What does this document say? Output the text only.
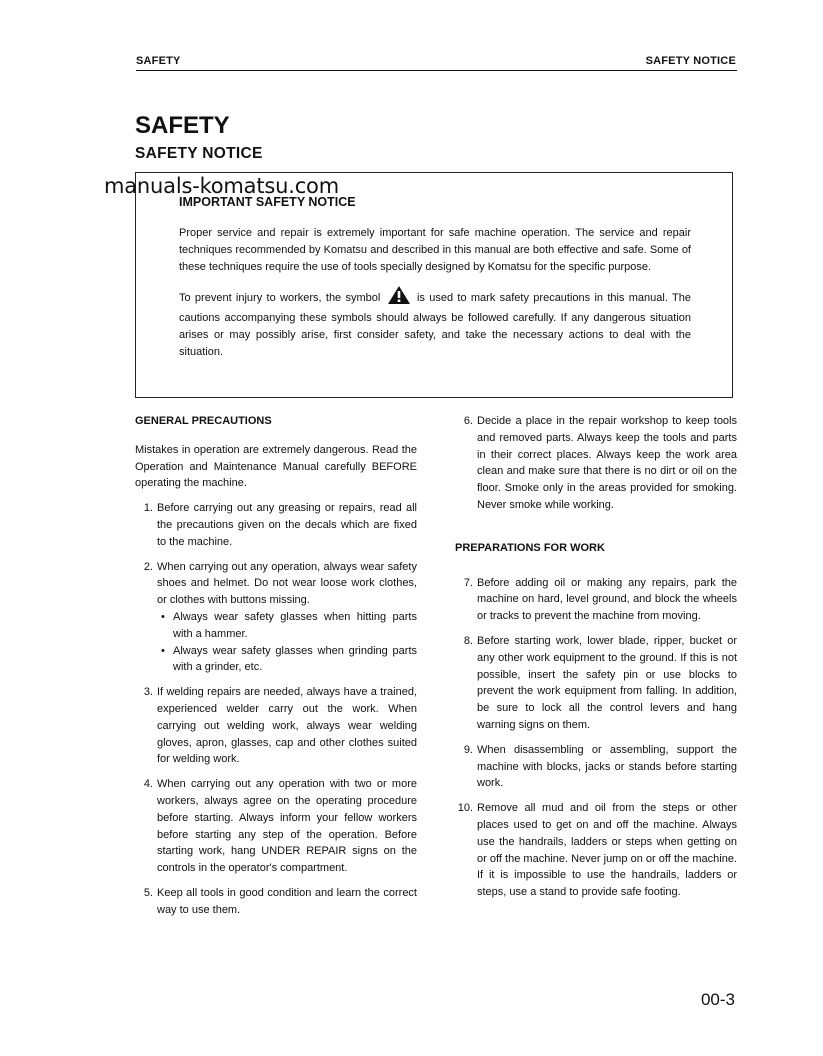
SAFETY	SAFETY NOTICE
SAFETY
SAFETY NOTICE
IMPORTANT SAFETY NOTICE

Proper service and repair is extremely important for safe machine operation. The service and repair techniques recommended by Komatsu and described in this manual are both effective and safe. Some of these techniques require the use of tools specially designed by Komatsu for the specific purpose.

To prevent injury to workers, the symbol	is used to mark safety precautions in this manual. The cautions accompanying these symbols should always be followed carefully. If any dangerous situation arises or may possibly arise, first consider safety, and take the necessary actions to deal with the situation.

manuals-komatsu.com

GENERAL PRECAUTIONS

Mistakes in operation are extremely dangerous. Read the Operation and Maintenance Manual carefully BEFORE operating the machine.

1. Before carrying out any greasing or repairs, read all the precautions given on the decals which are fixed to the machine.
2. When carrying out any operation, always wear safety shoes and helmet. Do not wear loose work clothes, or clothes with buttons missing.
• Always wear safety glasses when hitting parts with a hammer.
• Always wear safety glasses when grinding parts with a grinder, etc.
3. If welding repairs are needed, always have a trained, experienced welder carry out the work. When carrying out welding work, always wear welding gloves, apron, glasses, cap and other clothes suited for welding work.
4. When carrying out any operation with two or more workers, always agree on the operating procedure before starting. Always inform your fellow workers before starting any step of the operation. Before starting work, hang UNDER REPAIR signs on the controls in the operator's compartment.
5. Keep all tools in good condition and learn the correct way to use them.
6. Decide a place in the repair workshop to keep tools and removed parts. Always keep the tools and parts in their correct places. Always keep the work area clean and make sure that there is no dirt or oil on the floor. Smoke only in the areas provided for smoking. Never smoke while working.

PREPARATIONS FOR WORK

7. Before adding oil or making any repairs, park the machine on hard, level ground, and block the wheels or tracks to prevent the machine from moving.
8. Before starting work, lower blade, ripper, bucket or any other work equipment to the ground. If this is not possible, insert the safety pin or use blocks to prevent the work equipment from falling. In addition, be sure to lock all the control levers and hang warning signs on them.
9. When disassembling or assembling, support the machine with blocks, jacks or stands before starting work.
10. Remove all mud and oil from the steps or other places used to get on and off the machine. Always use the handrails, ladders or steps when getting on or off the machine. Never jump on or off the machine. If it is impossible to use the handrails, ladders or steps, use a stand to provide safe footing.
00-3
